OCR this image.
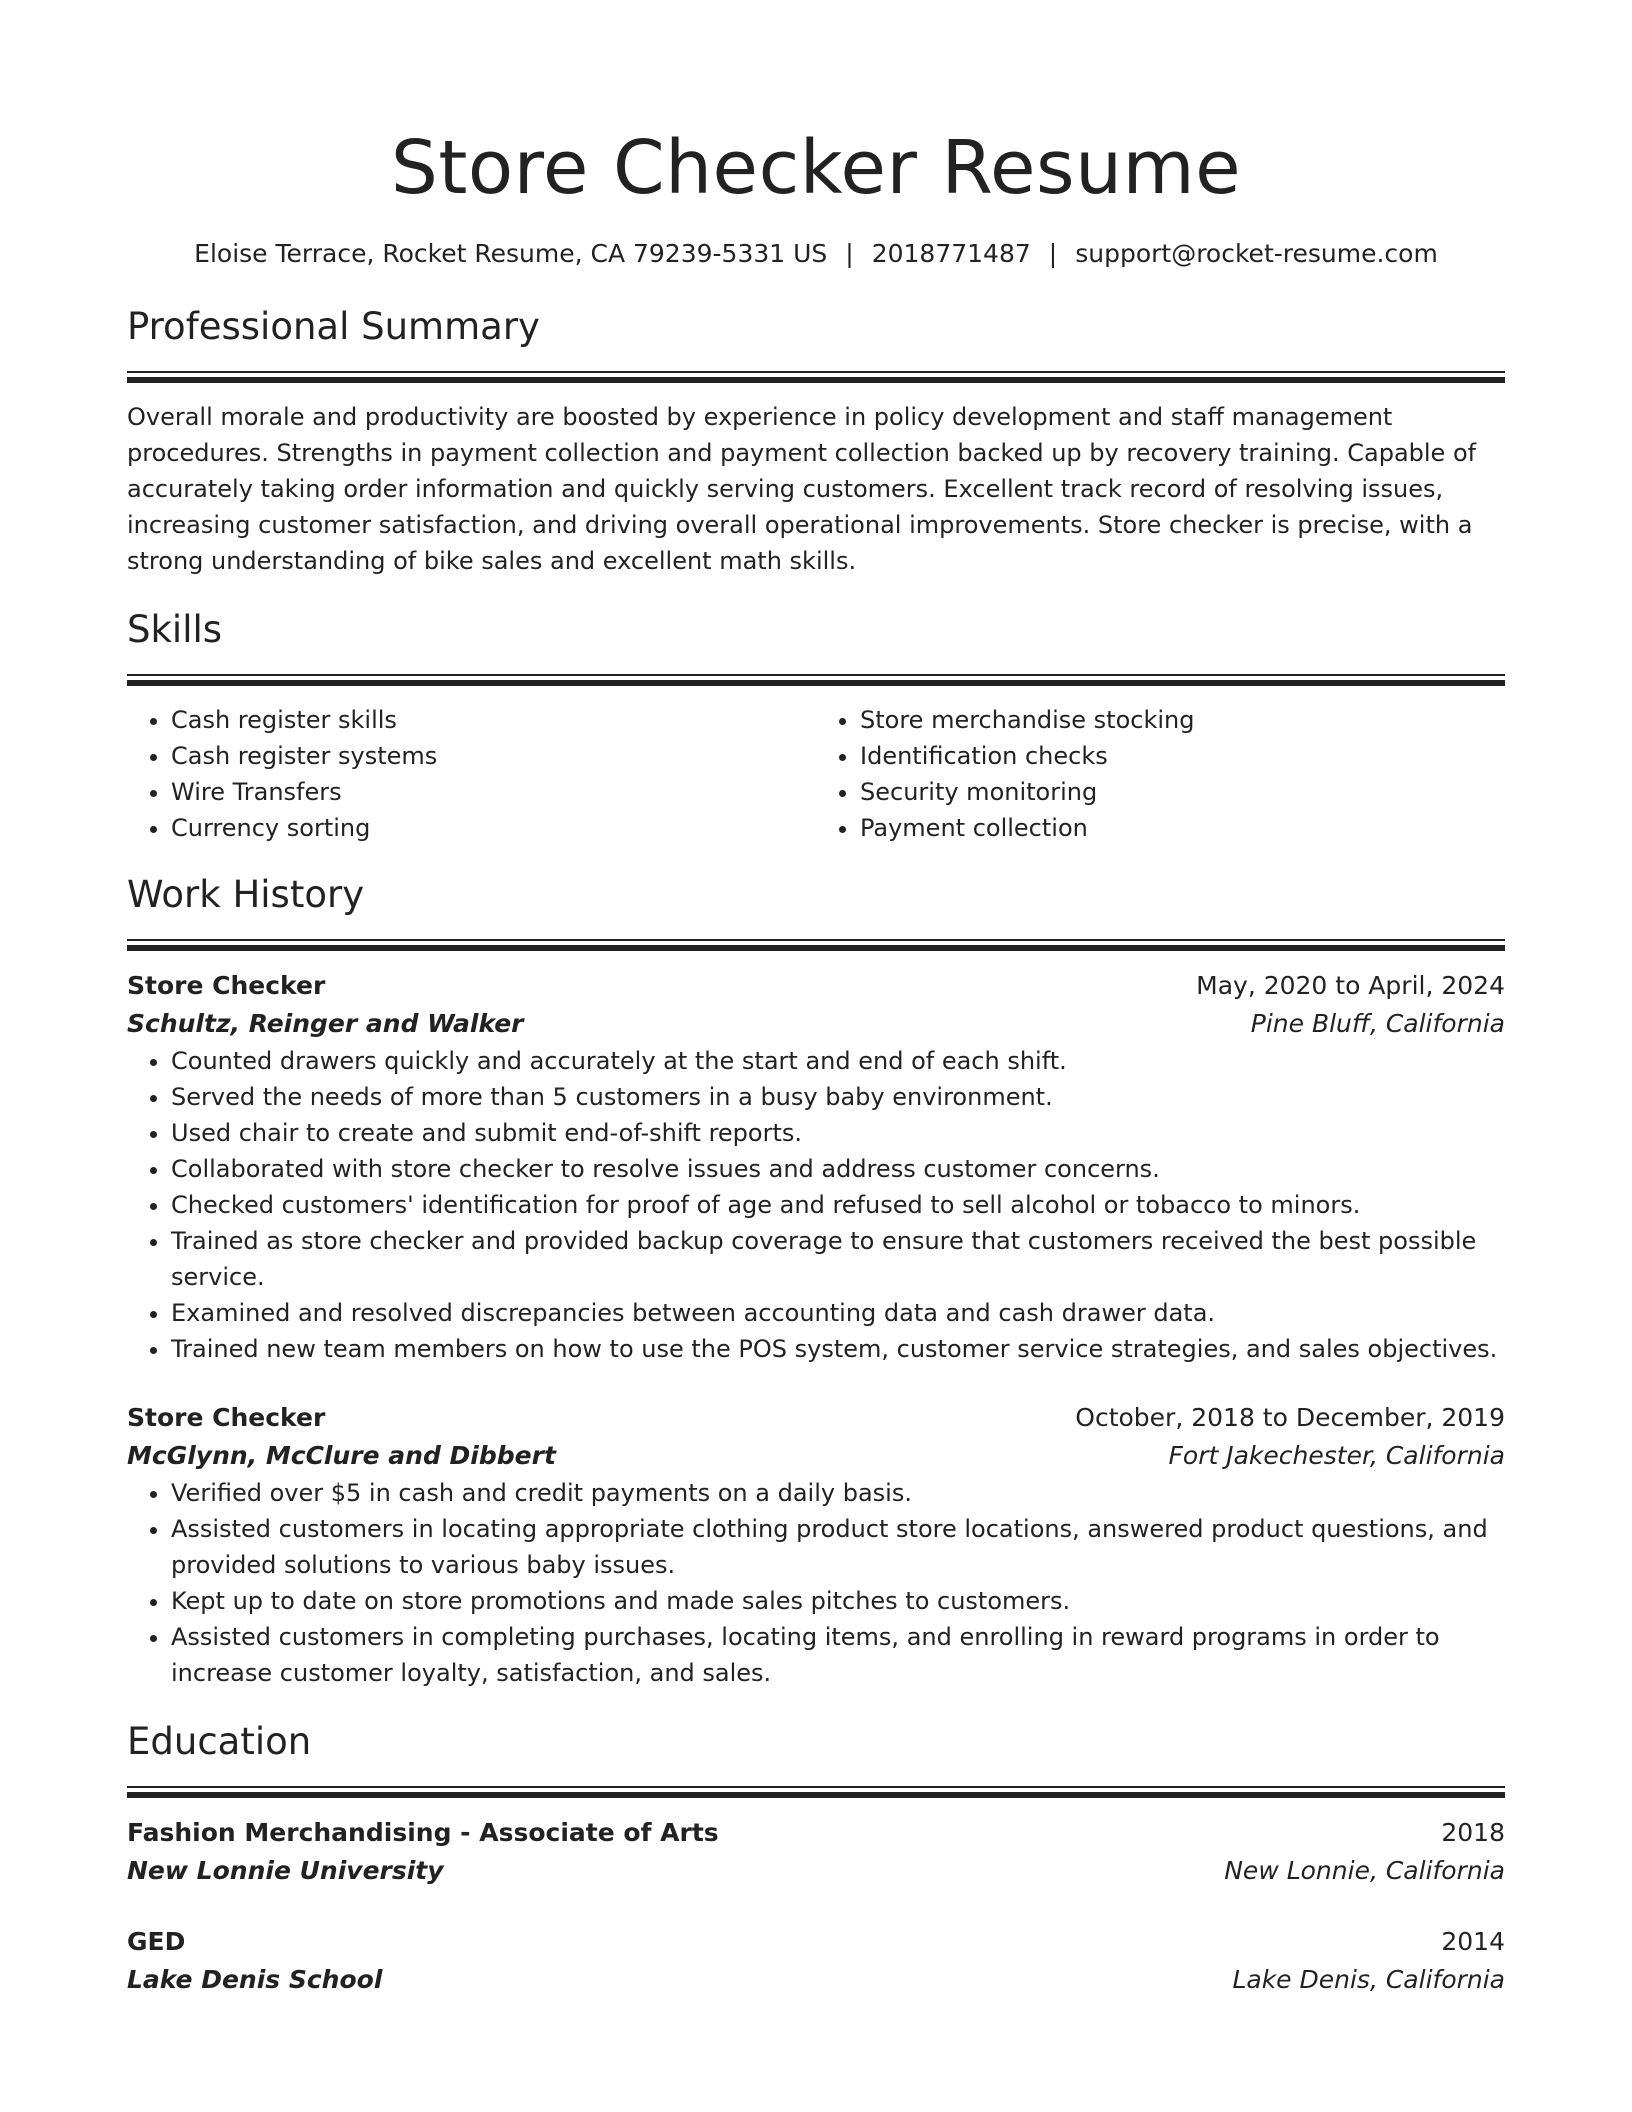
Store Checker Resume
Eloise Terrace, Rocket Resume, CA 79239-5331 US | 2018771487 | support@rocket-resume.com
Professional Summary
Overall morale and productivity are boosted by experience in policy development and staff management procedures. Strengths in payment collection and payment collection backed up by recovery training. Capable of accurately taking order information and quickly serving customers. Excellent track record of resolving issues, increasing customer satisfaction, and driving overall operational improvements. Store checker is precise, with a strong understanding of bike sales and excellent math skills.
Skills
• Cash register skills
• Cash register systems
• Wire Transfers
• Currency sorting
• Store merchandise stocking
• Identification checks
• Security monitoring
• Payment collection
Work History
Store Checker	May, 2020 to April, 2024
Schultz, Reinger and Walker	Pine Bluff, California
• Counted drawers quickly and accurately at the start and end of each shift.
• Served the needs of more than 5 customers in a busy baby environment.
• Used chair to create and submit end-of-shift reports.
• Collaborated with store checker to resolve issues and address customer concerns.
• Checked customers' identification for proof of age and refused to sell alcohol or tobacco to minors.
• Trained as store checker and provided backup coverage to ensure that customers received the best possible service.
• Examined and resolved discrepancies between accounting data and cash drawer data.
• Trained new team members on how to use the POS system, customer service strategies, and sales objectives.
Store Checker	October, 2018 to December, 2019
McGlynn, McClure and Dibbert	Fort Jakechester, California
• Verified over $5 in cash and credit payments on a daily basis.
• Assisted customers in locating appropriate clothing product store locations, answered product questions, and provided solutions to various baby issues.
• Kept up to date on store promotions and made sales pitches to customers.
• Assisted customers in completing purchases, locating items, and enrolling in reward programs in order to increase customer loyalty, satisfaction, and sales.
Education
Fashion Merchandising - Associate of Arts	2018
New Lonnie University	New Lonnie, California
GED	2014
Lake Denis School	Lake Denis, California
